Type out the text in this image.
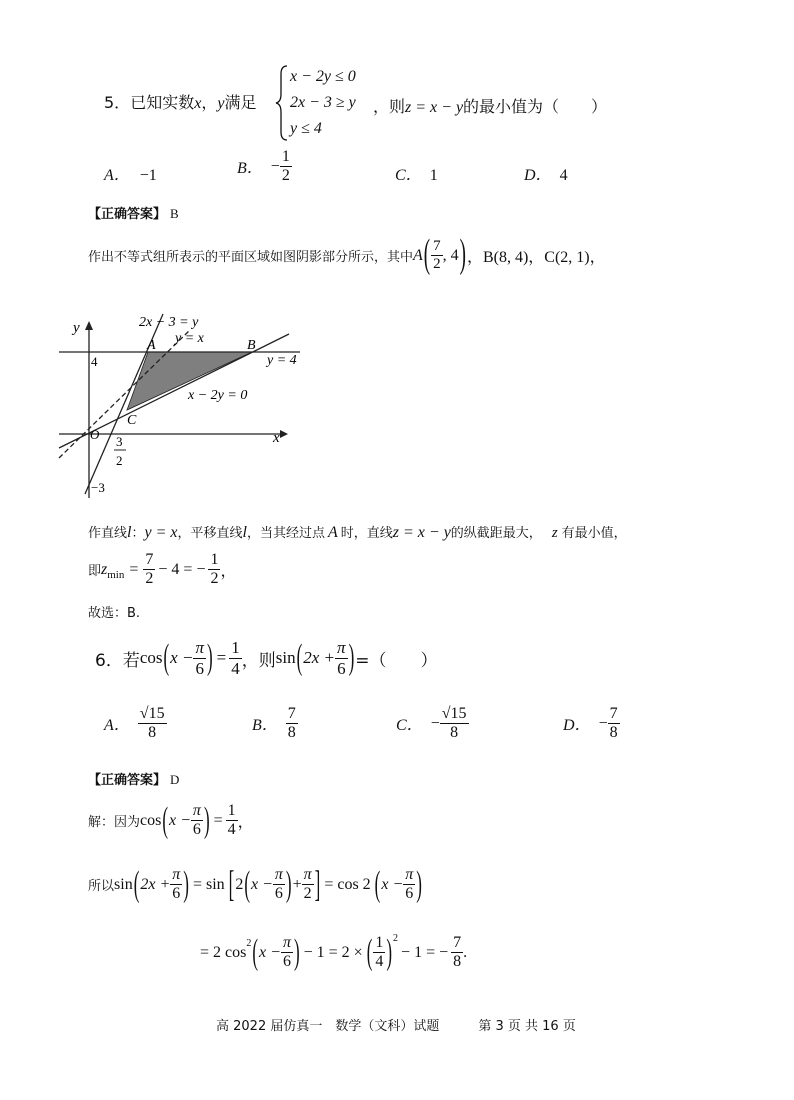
5．已知实数x，y满足
x − 2y ≤ 0
2x − 3 ≥ y
y ≤ 4
，则z = x − y的最小值为（　　）
A． −1	B． − $\frac{1}{2}$	C． 1	D． 4
【正确答案】 B
作出不等式组所表示的平面区域如图阴影部分所示，其中 A ( $\frac{7}{2}$ , 4 ) ，B(8, 4)，C(2, 1)，
y
x
O
4
−3
3
2
A	B
C
2x − 3 = y
y = x
y = 4
x − 2y = 0
作直线l：y = x，平移直线l，当其经过点 A 时，直线z = x − y的纵截距最大， z 有最小值，
即 z $\min = \frac{7}{2} - 4$ = − $\frac{1}{2}$ ，
故选：B.
6． 若 cos ( $x - \frac{\pi}{6}$ ) = $\frac{1}{4}$ ，则 sin ( $2x + \frac{\pi}{6}$ ) =（　　）
A． $\frac{√15}{8}$	B． $\frac{7}{8}$	C． − $\frac{√15}{8}$	D． − $\frac{7}{8}$
【正确答案】 D
解：因为 cos ( $x - \frac{\pi}{6}$ ) = $\frac{1}{4}$ ，
所以 sin ( $2x + \frac{\pi}{6}$ ) = sin [ 2 ( $x - \frac{\pi}{6}$ ) + $\frac{\pi}{2}$ ] = cos 2 ( $x - \frac{\pi}{6}$ )
= 2 cos 2 ( $x - \frac{\pi}{6}$ ) − 1 = 2 × ( $\frac{1}{4}$ ) 2
− 1 = − $\frac{7}{8}$ .
高 2022 届仿真一　数学（文科）试题　　　第 3 页 共 16 页
